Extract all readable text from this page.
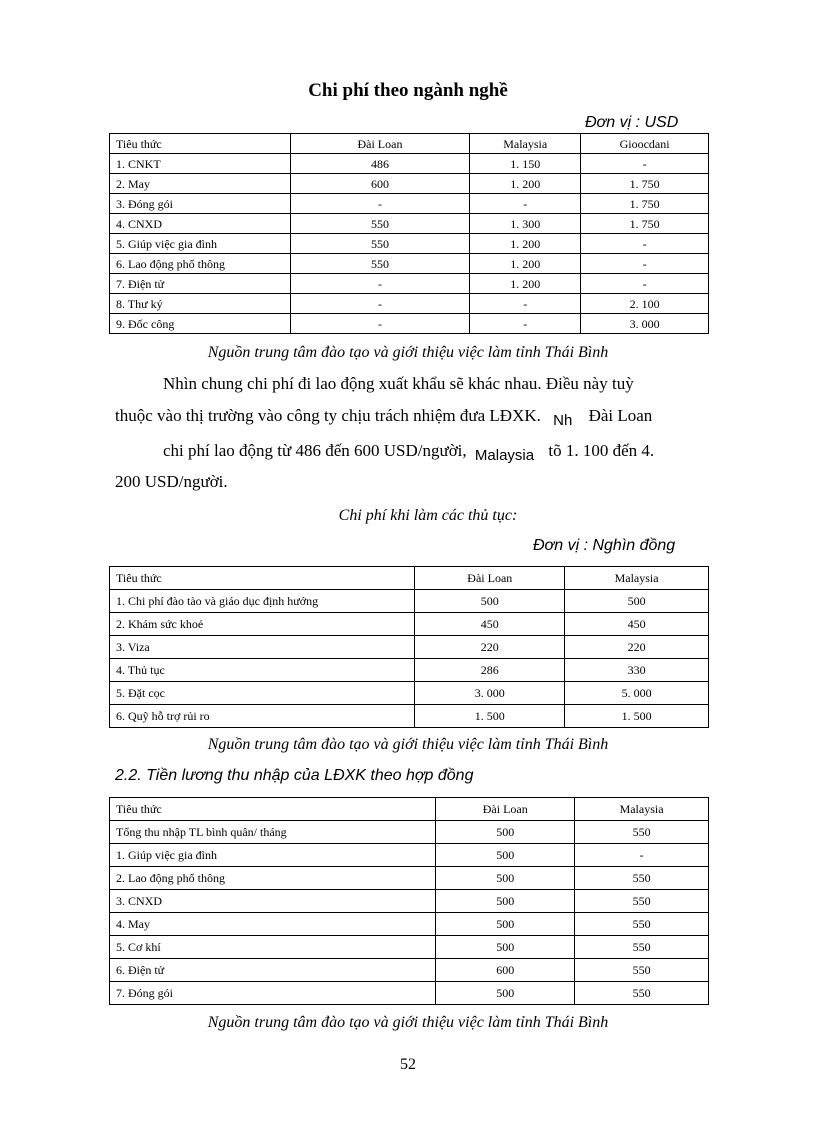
Chi phí theo ngành nghề
Đơn vị : USD
Tiêu thức	Đài Loan	Malaysia	Gioocdani
1. CNKT	486	1. 150	-
2. May	600	1. 200	1. 750
3. Đóng gói	-	-	1. 750
4. CNXD	550	1. 300	1. 750
5. Giúp việc gia đình	550	1. 200	-
6. Lao động phổ thông	550	1. 200	-
7. Điện tử	-	1. 200	-
8. Thư ký	-	-	2. 100
9. Đốc công	-	-	3. 000
Nguồn trung tâm đào tạo và giới thiệu việc làm tỉnh Thái Bình
Nhìn chung chi phí đi lao động xuất khẩu sẽ khác nhau. Điều này tuỳ
thuộc vào thị trường vào công ty chịu trách nhiệm đưa LĐXK. Nh Đài Loan
chi phí lao động từ 486 đến 600 USD/người, Malaysia tõ 1. 100 đến 4.
200 USD/người.
Chi phí khi làm các thủ tục:
Đơn vị : Nghìn đồng
Tiêu thức	Đài Loan	Malaysia
1. Chi phí đào tào và giáo dục định hướng	500	500
2. Khám sức khoẻ	450	450
3. Viza	220	220
4. Thủ tục	286	330
5. Đặt cọc	3. 000	5. 000
6. Quỹ hỗ trợ rủi ro	1. 500	1. 500
Nguồn trung tâm đào tạo và giới thiệu việc làm tỉnh Thái Bình
2.2. Tiền lương thu nhập của LĐXK theo hợp đồng
Tiêu thức	Đài Loan	Malaysia
Tổng thu nhập TL bình quân/ tháng	500	550
1. Giúp việc gia đình	500	-
2. Lao động phổ thông	500	550
3. CNXD	500	550
4. May	500	550
5. Cơ khí	500	550
6. Điện tử	600	550
7. Đóng gói	500	550
Nguồn trung tâm đào tạo và giới thiệu việc làm tỉnh Thái Bình
52
